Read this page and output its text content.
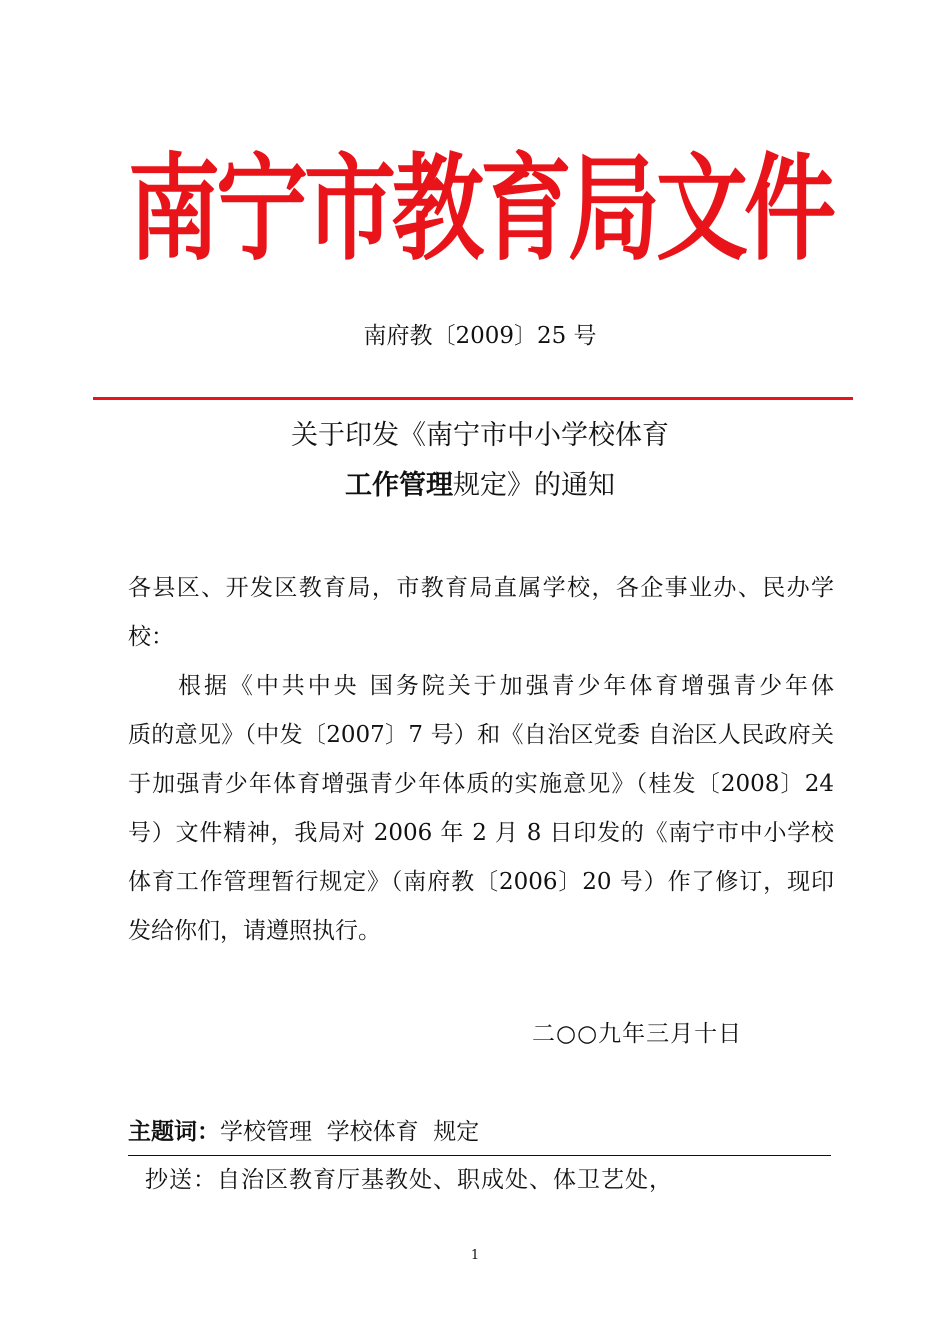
南宁市教育局文件
南府教〔2009〕25 号
关于印发《南宁市中小学校体育
工作管理规定》的通知
各县区、开发区教育局，市教育局直属学校，各企事业办、民办学
校：
根据《中共中央 国务院关于加强青少年体育增强青少年体
质的意见》（中发〔2007〕7 号）和《自治区党委 自治区人民政府关
于加强青少年体育增强青少年体质的实施意见》（桂发〔2008〕24
号）文件精神，我局对 2006 年 2 月 8 日印发的《南宁市中小学校
体育工作管理暂行规定》（南府教〔2006〕20 号）作了修订，现印
发给你们，请遵照执行。
二○○九年三月十日
主题词：学校管理  学校体育  规定
抄送：自治区教育厅基教处、职成处、体卫艺处，
1
